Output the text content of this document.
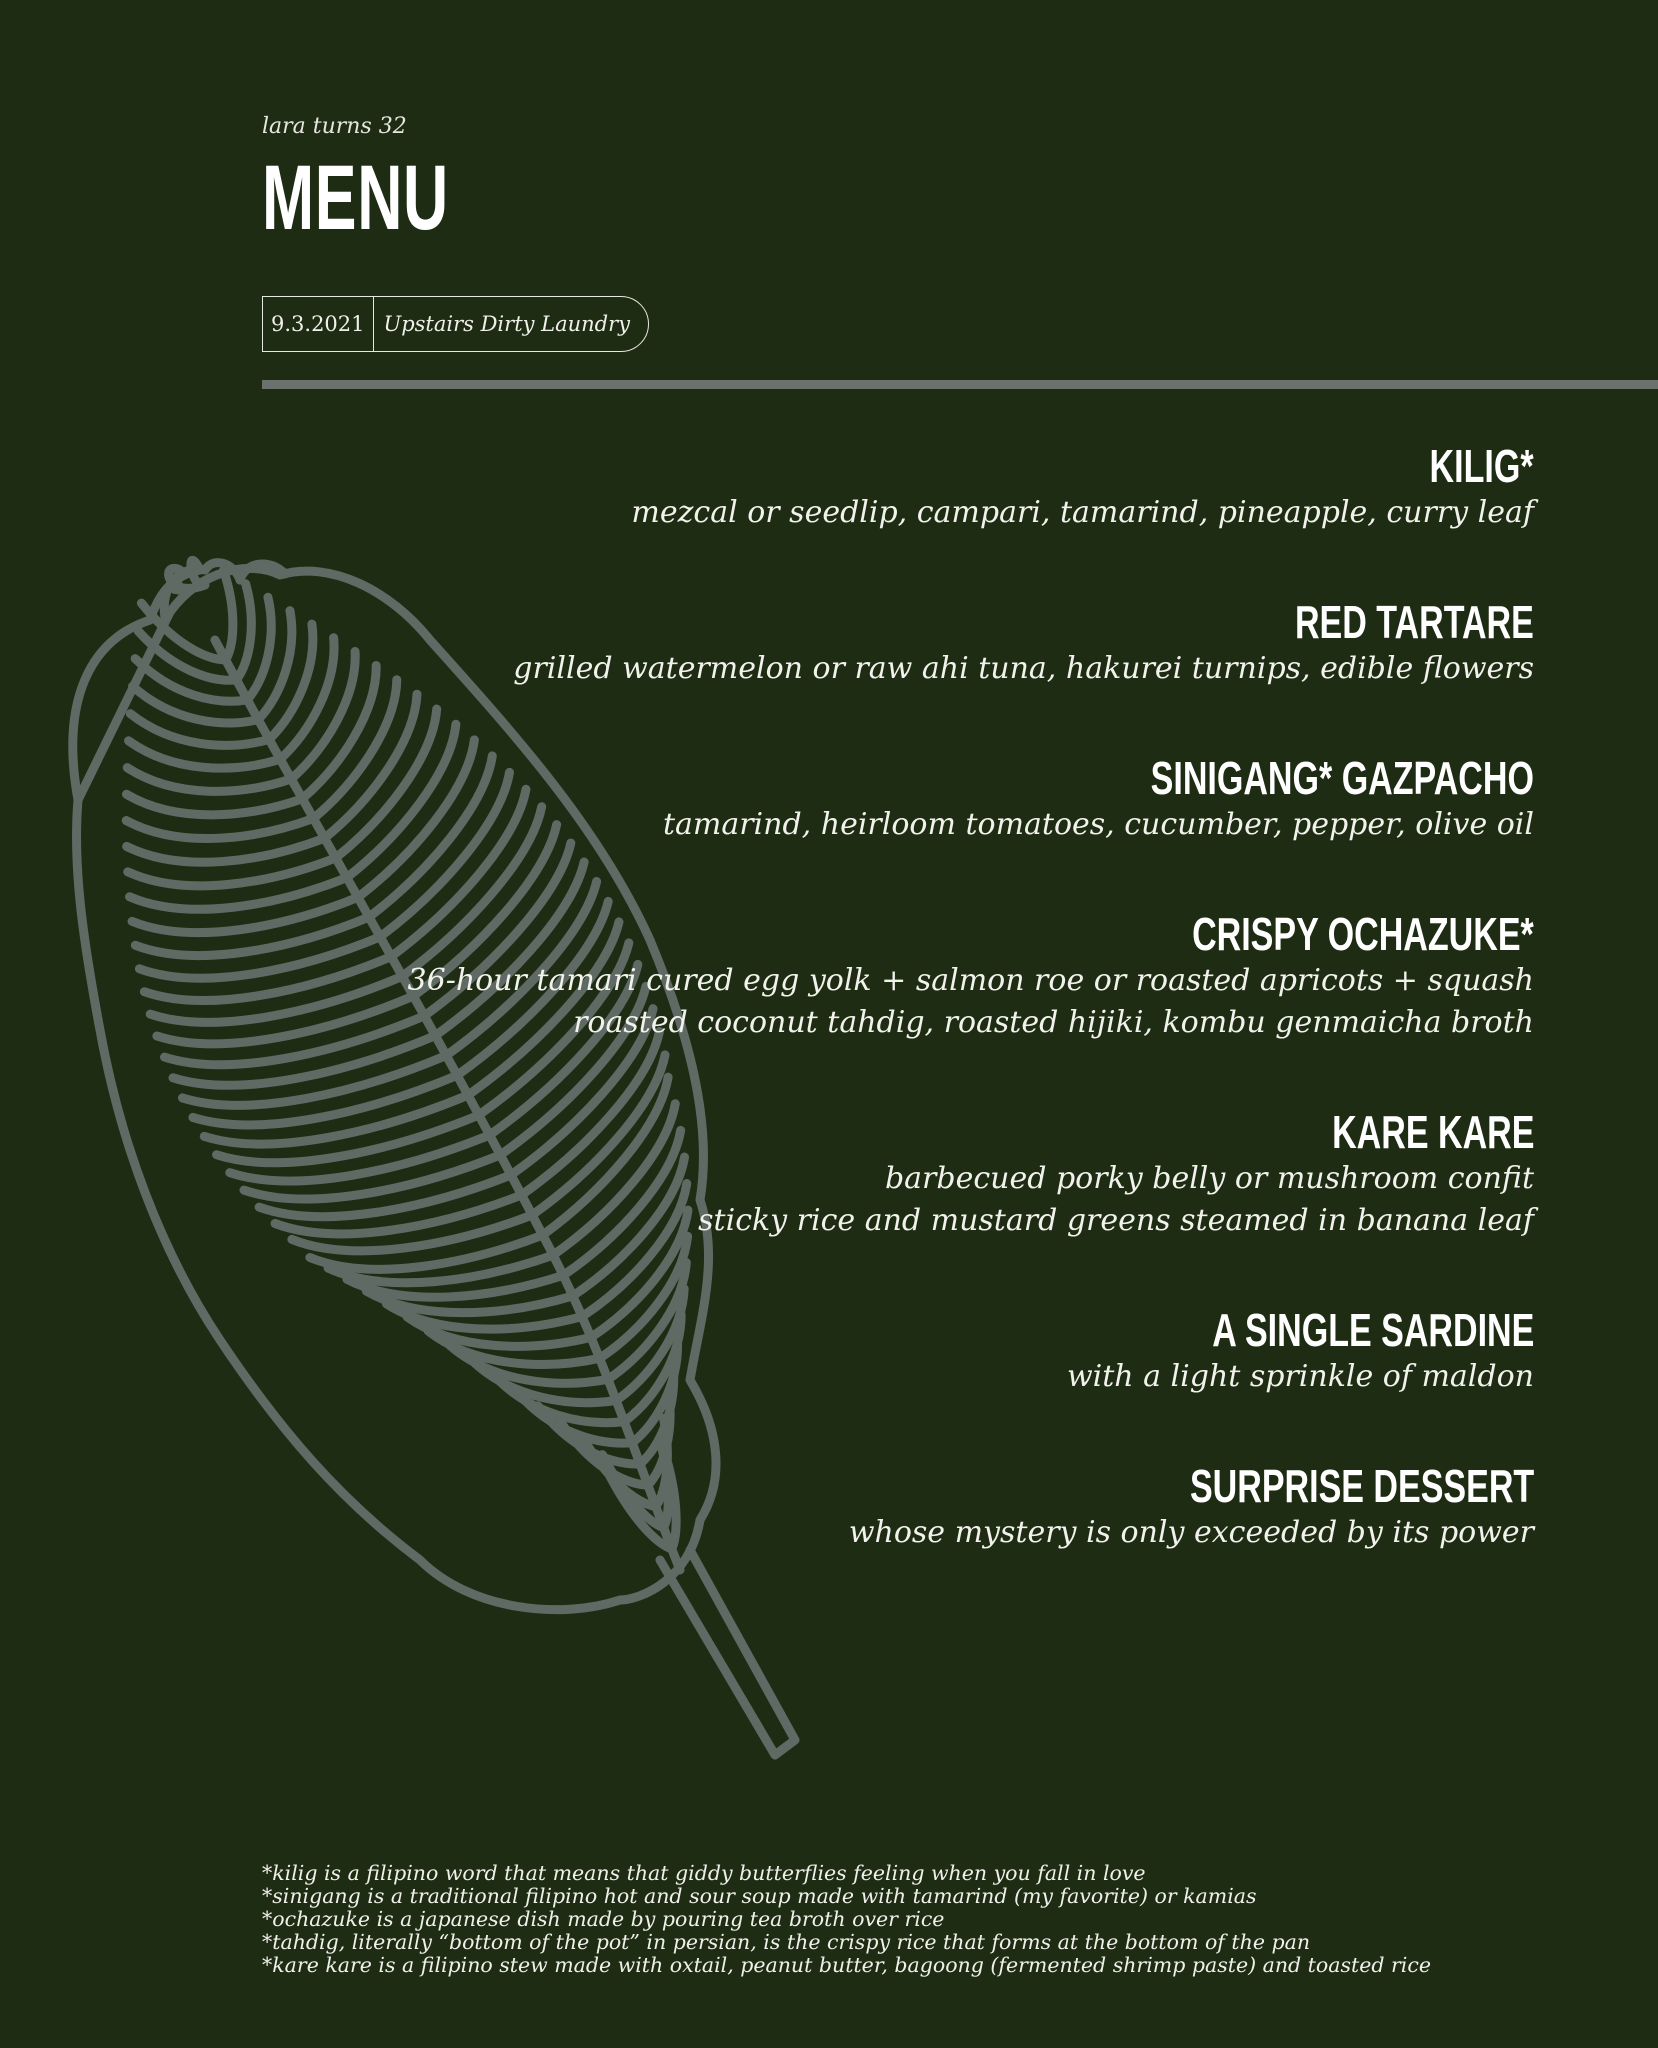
lara turns 32
MENU
9.3.2021 Upstairs Dirty Laundry
KILIG*
mezcal or seedlip, campari, tamarind, pineapple, curry leaf
RED TARTARE
grilled watermelon or raw ahi tuna, hakurei turnips, edible flowers
SINIGANG* GAZPACHO
tamarind, heirloom tomatoes, cucumber, pepper, olive oil
CRISPY OCHAZUKE*
36-hour tamari cured egg yolk + salmon roe or roasted apricots + squash
roasted coconut tahdig, roasted hijiki, kombu genmaicha broth
KARE KARE
barbecued porky belly or mushroom confit
sticky rice and mustard greens steamed in banana leaf
A SINGLE SARDINE
with a light sprinkle of maldon
SURPRISE DESSERT
whose mystery is only exceeded by its power
*kilig is a filipino word that means that giddy butterflies feeling when you fall in love
*sinigang is a traditional filipino hot and sour soup made with tamarind (my favorite) or kamias
*ochazuke is a japanese dish made by pouring tea broth over rice
*tahdig, literally “bottom of the pot” in persian, is the crispy rice that forms at the bottom of the pan
*kare kare is a filipino stew made with oxtail, peanut butter, bagoong (fermented shrimp paste) and toasted rice
